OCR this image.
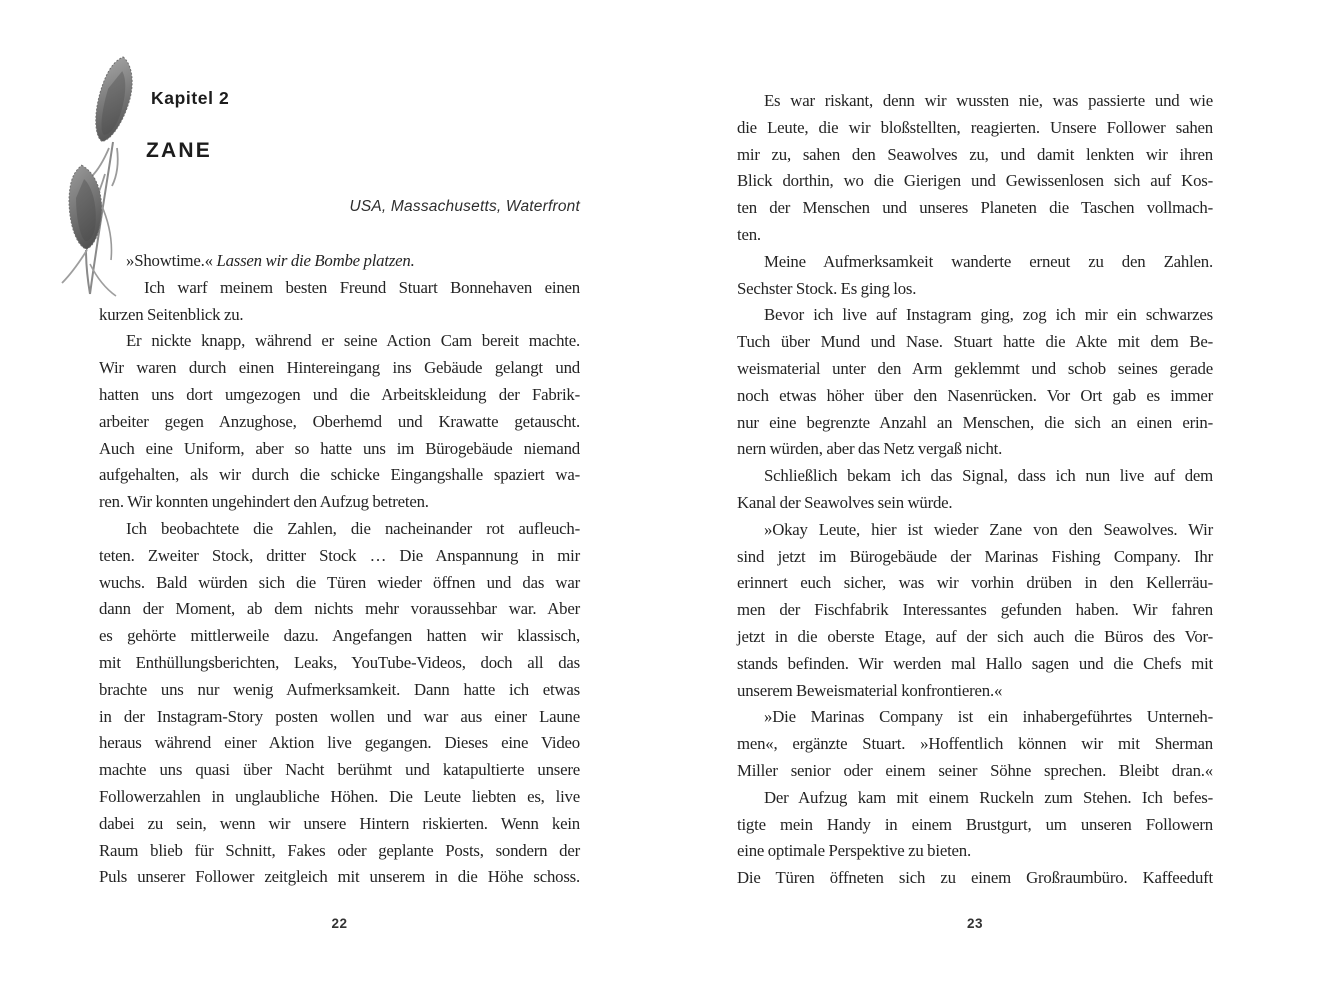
Kapitel 2
ZANE
USA, Massachusetts, Waterfront
»Showtime.« Lassen wir die Bombe platzen.
Ich warf meinem besten Freund Stuart Bonnehaven einen
kurzen Seitenblick zu.
Er nickte knapp, während er seine Action Cam bereit machte.
Wir waren durch einen Hintereingang ins Gebäude gelangt und
hatten uns dort umgezogen und die Arbeitskleidung der Fabrik-
arbeiter gegen Anzughose, Oberhemd und Krawatte getauscht.
Auch eine Uniform, aber so hatte uns im Bürogebäude niemand
aufgehalten, als wir durch die schicke Eingangshalle spaziert wa-
ren. Wir konnten ungehindert den Aufzug betreten.
Ich beobachtete die Zahlen, die nacheinander rot aufleuch-
teten. Zweiter Stock, dritter Stock … Die Anspannung in mir
wuchs. Bald würden sich die Türen wieder öffnen und das war
dann der Moment, ab dem nichts mehr voraussehbar war. Aber
es gehörte mittlerweile dazu. Angefangen hatten wir klassisch,
mit Enthüllungsberichten, Leaks, YouTube-Videos, doch all das
brachte uns nur wenig Aufmerksamkeit. Dann hatte ich etwas
in der Instagram-Story posten wollen und war aus einer Laune
heraus während einer Aktion live gegangen. Dieses eine Video
machte uns quasi über Nacht berühmt und katapultierte unsere
Followerzahlen in unglaubliche Höhen. Die Leute liebten es, live
dabei zu sein, wenn wir unsere Hintern riskierten. Wenn kein
Raum blieb für Schnitt, Fakes oder geplante Posts, sondern der
Puls unserer Follower zeitgleich mit unserem in die Höhe schoss.
22
Es war riskant, denn wir wussten nie, was passierte und wie
die Leute, die wir bloßstellten, reagierten. Unsere Follower sahen
mir zu, sahen den Seawolves zu, und damit lenkten wir ihren
Blick dorthin, wo die Gierigen und Gewissenlosen sich auf Kos-
ten der Menschen und unseres Planeten die Taschen vollmach-
ten.
Meine Aufmerksamkeit wanderte erneut zu den Zahlen.
Sechster Stock. Es ging los.
Bevor ich live auf Instagram ging, zog ich mir ein schwarzes
Tuch über Mund und Nase. Stuart hatte die Akte mit dem Be-
weismaterial unter den Arm geklemmt und schob seines gerade
noch etwas höher über den Nasenrücken. Vor Ort gab es immer
nur eine begrenzte Anzahl an Menschen, die sich an einen erin-
nern würden, aber das Netz vergaß nicht.
Schließlich bekam ich das Signal, dass ich nun live auf dem
Kanal der Seawolves sein würde.
»Okay Leute, hier ist wieder Zane von den Seawolves. Wir
sind jetzt im Bürogebäude der Marinas Fishing Company. Ihr
erinnert euch sicher, was wir vorhin drüben in den Kellerräu-
men der Fischfabrik Interessantes gefunden haben. Wir fahren
jetzt in die oberste Etage, auf der sich auch die Büros des Vor-
stands befinden. Wir werden mal Hallo sagen und die Chefs mit
unserem Beweismaterial konfrontieren.«
»Die Marinas Company ist ein inhabergeführtes Unterneh-
men«, ergänzte Stuart. »Hoffentlich können wir mit Sherman
Miller senior oder einem seiner Söhne sprechen. Bleibt dran.«
Der Aufzug kam mit einem Ruckeln zum Stehen. Ich befes-
tigte mein Handy in einem Brustgurt, um unseren Followern
eine optimale Perspektive zu bieten.
Die Türen öffneten sich zu einem Großraumbüro. Kaffeeduft
23
